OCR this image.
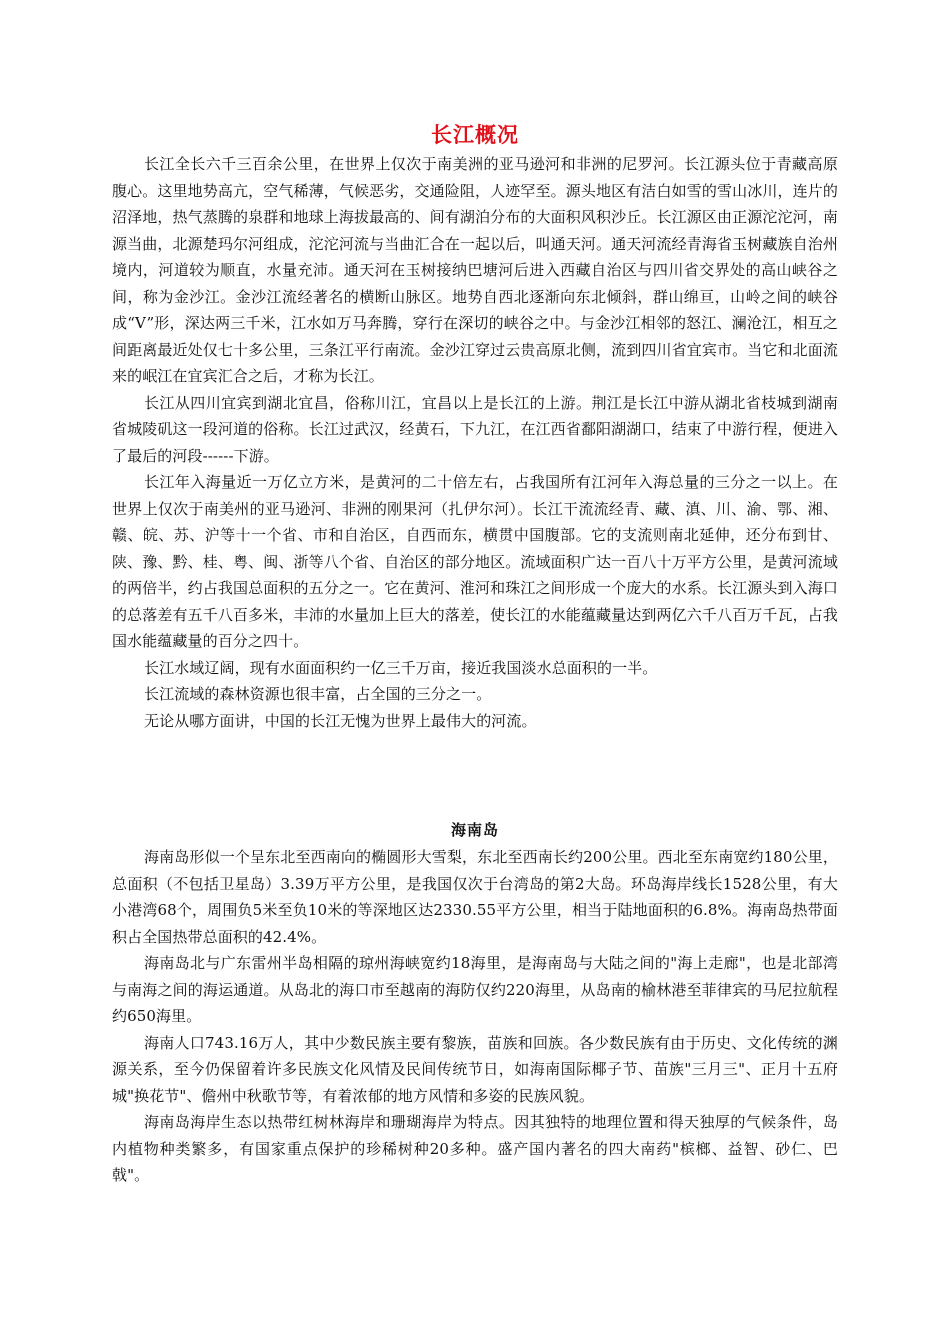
长江概况

长江全长六千三百余公里，在世界上仅次于南美洲的亚马逊河和非洲的尼罗河。长江源头位于青藏高原腹心。这里地势高亢，空气稀薄，气候恶劣，交通险阻，人迹罕至。源头地区有洁白如雪的雪山冰川，连片的沼泽地，热气蒸腾的泉群和地球上海拔最高的、间有湖泊分布的大面积风积沙丘。长江源区由正源沱沱河，南源当曲，北源楚玛尔河组成，沱沱河流与当曲汇合在一起以后，叫通天河。通天河流经青海省玉树藏族自治州境内，河道较为顺直，水量充沛。通天河在玉树接纳巴塘河后进入西藏自治区与四川省交界处的高山峡谷之间，称为金沙江。金沙江流经著名的横断山脉区。地势自西北逐渐向东北倾斜，群山绵亘，山岭之间的峡谷成“V”形，深达两三千米，江水如万马奔腾，穿行在深切的峡谷之中。与金沙江相邻的怒江、澜沧江，相互之间距离最近处仅七十多公里，三条江平行南流。金沙江穿过云贵高原北侧，流到四川省宜宾市。当它和北面流来的岷江在宜宾汇合之后，才称为长江。

长江从四川宜宾到湖北宜昌，俗称川江，宜昌以上是长江的上游。荆江是长江中游从湖北省枝城到湖南省城陵矶这一段河道的俗称。长江过武汉，经黄石，下九江，在江西省鄱阳湖湖口，结束了中游行程，便进入了最后的河段------下游。

长江年入海量近一万亿立方米，是黄河的二十倍左右，占我国所有江河年入海总量的三分之一以上。在世界上仅次于南美州的亚马逊河、非洲的刚果河（扎伊尔河）。长江干流流经青、藏、滇、川、渝、鄂、湘、赣、皖、苏、沪等十一个省、市和自治区，自西而东，横贯中国腹部。它的支流则南北延伸，还分布到甘、陕、豫、黔、桂、粤、闽、浙等八个省、自治区的部分地区。流域面积广达一百八十万平方公里，是黄河流域的两倍半，约占我国总面积的五分之一。它在黄河、淮河和珠江之间形成一个庞大的水系。长江源头到入海口的总落差有五千八百多米，丰沛的水量加上巨大的落差，使长江的水能蕴藏量达到两亿六千八百万千瓦，占我国水能蕴藏量的百分之四十。

长江水域辽阔，现有水面面积约一亿三千万亩，接近我国淡水总面积的一半。

长江流域的森林资源也很丰富，占全国的三分之一。

无论从哪方面讲，中国的长江无愧为世界上最伟大的河流。

海南岛

海南岛形似一个呈东北至西南向的椭圆形大雪梨，东北至西南长约200公里。西北至东南宽约180公里，总面积（不包括卫星岛）3.39万平方公里，是我国仅次于台湾岛的第2大岛。环岛海岸线长1528公里，有大小港湾68个，周围负5米至负10米的等深地区达2330.55平方公里，相当于陆地面积的6.8%。海南岛热带面积占全国热带总面积的42.4%。

海南岛北与广东雷州半岛相隔的琼州海峡宽约18海里，是海南岛与大陆之间的"海上走廊"，也是北部湾与南海之间的海运通道。从岛北的海口市至越南的海防仅约220海里，从岛南的榆林港至菲律宾的马尼拉航程约650海里。

海南人口743.16万人，其中少数民族主要有黎族，苗族和回族。各少数民族有由于历史、文化传统的渊源关系，至今仍保留着许多民族文化风情及民间传统节日，如海南国际椰子节、苗族"三月三"、正月十五府城"换花节"、儋州中秋歌节等，有着浓郁的地方风情和多姿的民族风貌。

海南岛海岸生态以热带红树林海岸和珊瑚海岸为特点。因其独特的地理位置和得天独厚的气候条件，岛内植物种类繁多，有国家重点保护的珍稀树种20多种。盛产国内著名的四大南药"槟榔、益智、砂仁、巴戟"。
